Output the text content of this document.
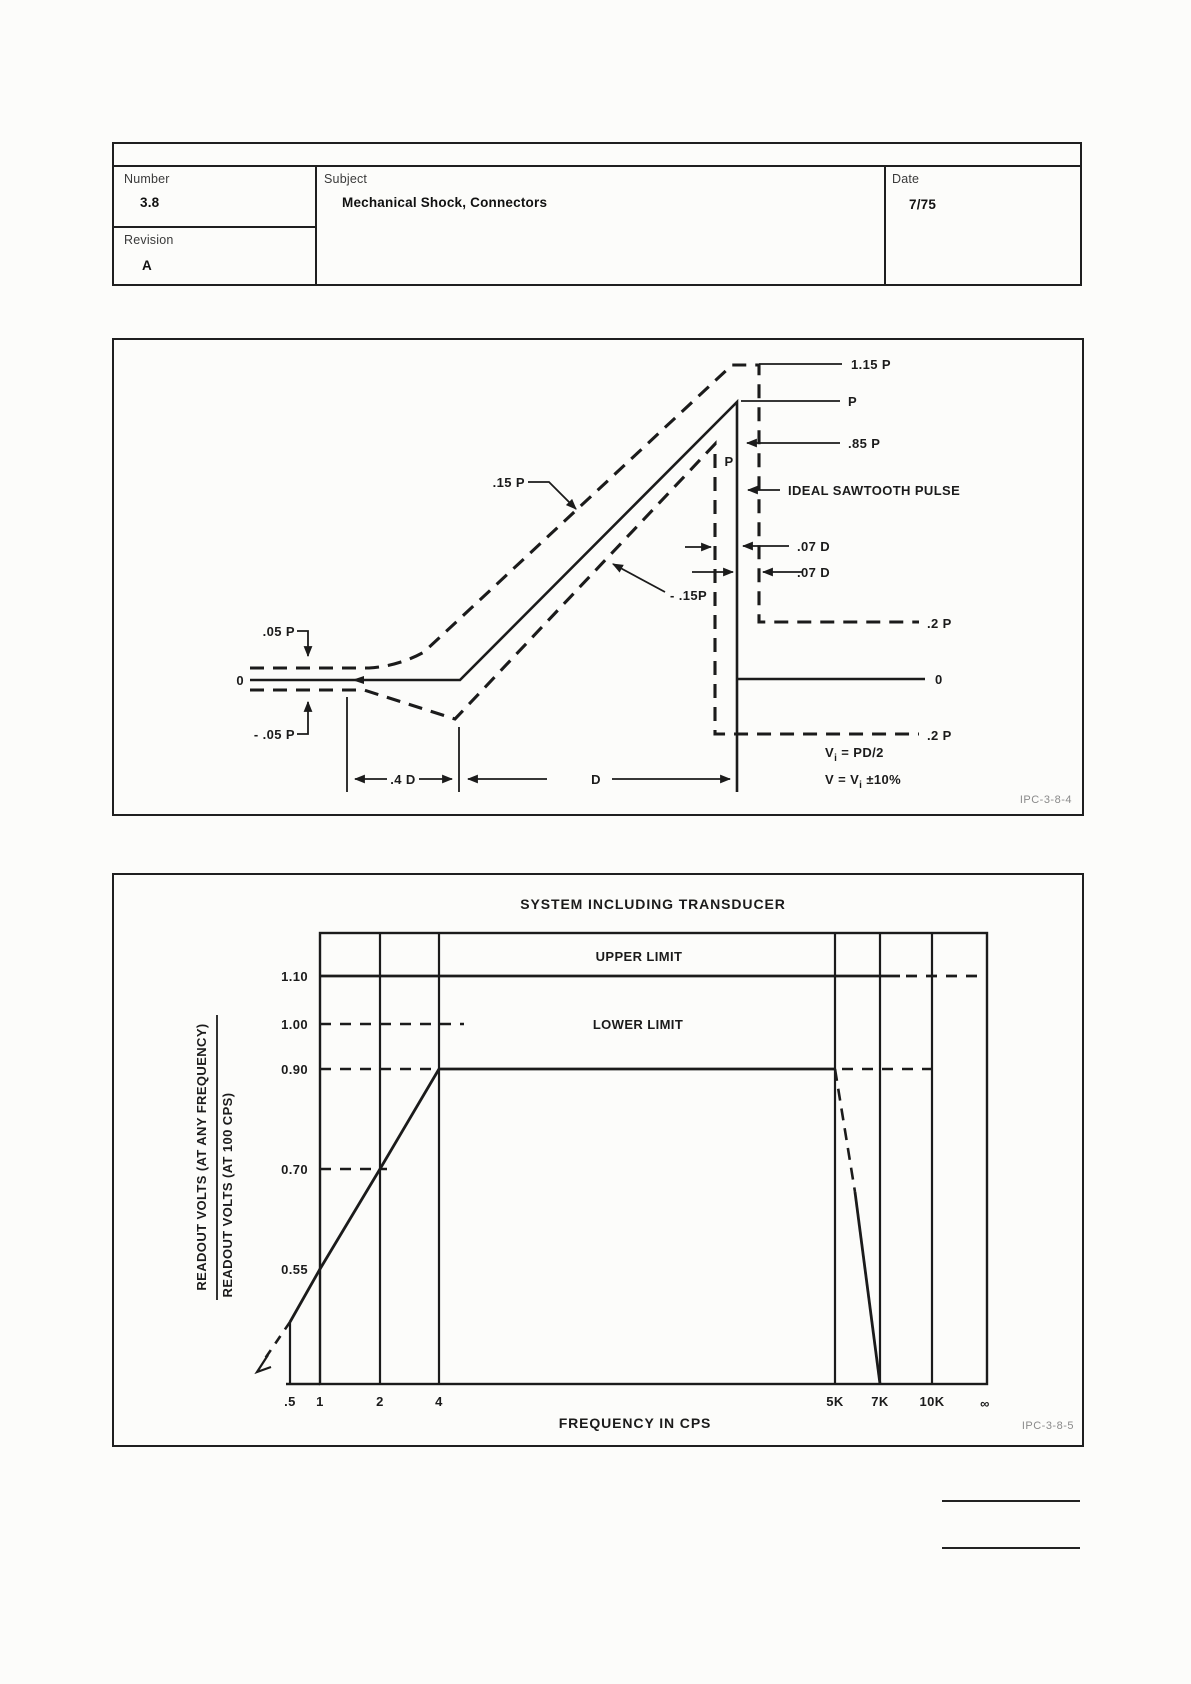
Number
3.8
Revision
A
Subject
Mechanical Shock, Connectors
Date
7/75
1.15 P
P
.85 P
P
IDEAL SAWTOOTH PULSE
.07 D
.07 D
.2 P
0
.2 P
.15 P
- .15P
.05 P
0
- .05 P
.4 D	D
$V_i = PD/2$
$V = V_i \pm 10\%$
IPC-3-8-4
SYSTEM INCLUDING TRANSDUCER
UPPER LIMIT
LOWER LIMIT
1.10
1.00
0.90
0.70
0.55
.5 1	2	4	5K 7K 10K	∞
FREQUENCY IN CPS
READOUT VOLTS (AT ANY FREQUENCY) READOUT VOLTS (AT 100 CPS)
IPC-3-8-5
